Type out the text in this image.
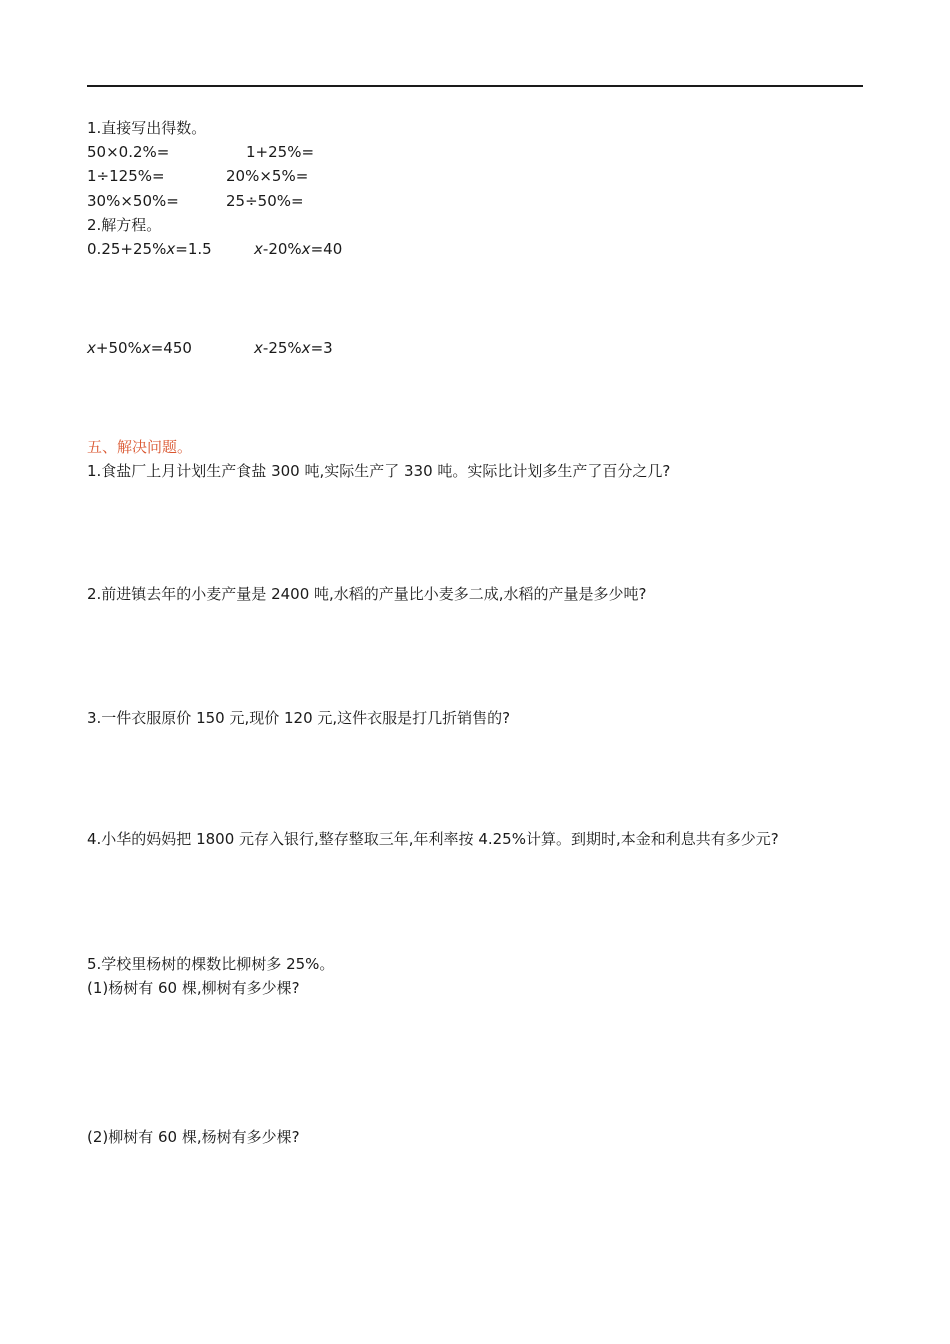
1.直接写出得数。
50×0.2%=	1+25%=
1÷125%=	20%×5%=
30%×50%=	25÷50%=
2.解方程。
0.25+25%x=1.5	x-20%x=40
x+50%x=450	x-25%x=3
五、解决问题。
1.食盐厂上月计划生产食盐 300 吨,实际生产了 330 吨。实际比计划多生产了百分之几?
2.前进镇去年的小麦产量是 2400 吨,水稻的产量比小麦多二成,水稻的产量是多少吨?
3.一件衣服原价 150 元,现价 120 元,这件衣服是打几折销售的?
4.小华的妈妈把 1800 元存入银行,整存整取三年,年利率按 4.25%计算。到期时,本金和利息共有多少元?
5.学校里杨树的棵数比柳树多 25%。
(1)杨树有 60 棵,柳树有多少棵?
(2)柳树有 60 棵,杨树有多少棵?
